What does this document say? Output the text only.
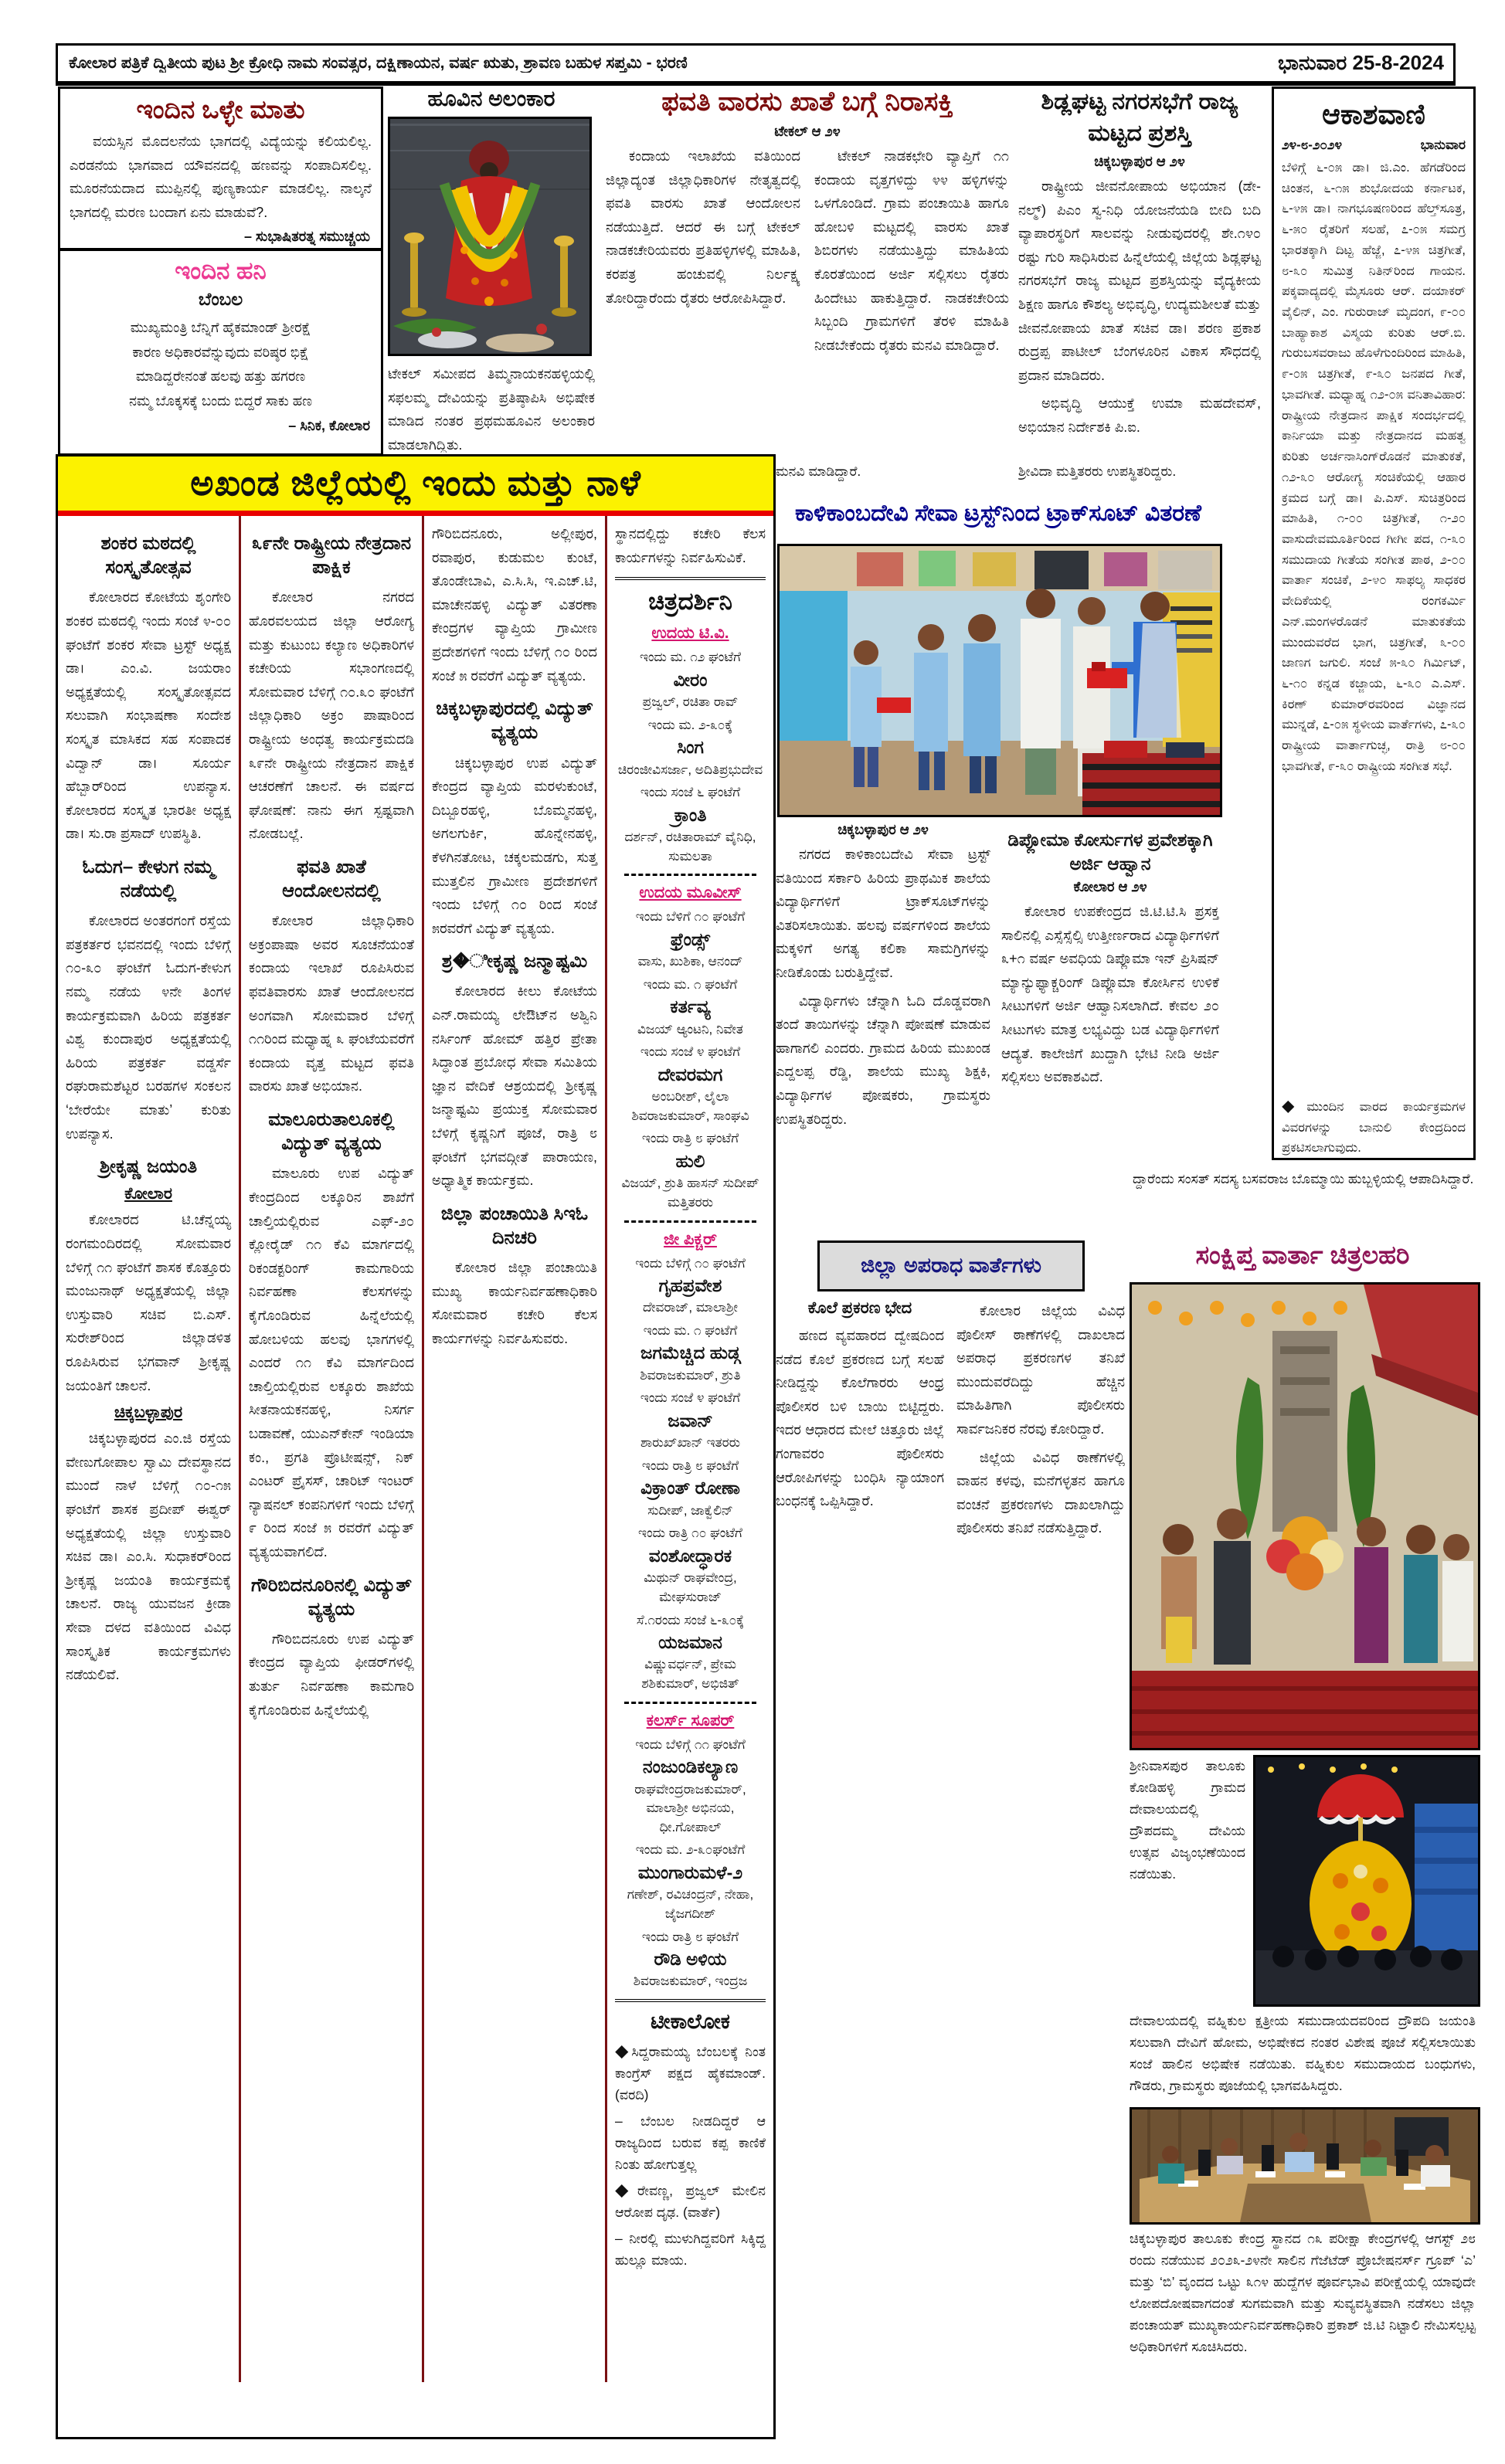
ಕೋಲಾರ ಪತ್ರಿಕೆ ದ್ವಿತೀಯ ಪುಟ ಶ್ರೀ ಕ್ರೋಧಿ ನಾಮ ಸಂವತ್ಸರ, ದಕ್ಷಿಣಾಯನ, ವರ್ಷ ಋತು, ಶ್ರಾವಣ ಬಹುಳ ಸಪ್ತಮಿ - ಭರಣಿ	ಭಾನುವಾರ 25-8-2024
ಇಂದಿನ ಒಳ್ಳೇ ಮಾತು

ವಯಸ್ಸಿನ ಮೊದಲನೆಯ ಭಾಗದಲ್ಲಿ ವಿದ್ಯೆಯನ್ನು ಕಲಿಯಲಿಲ್ಲ. ಎರಡನೆಯ ಭಾಗವಾದ ಯೌವನದಲ್ಲಿ ಹಣವನ್ನು ಸಂಪಾದಿಸಲಿಲ್ಲ. ಮೂರನೆಯದಾದ ಮುಪ್ಪಿನಲ್ಲಿ ಪುಣ್ಯಕಾರ್ಯ ಮಾಡಲಿಲ್ಲ. ನಾಲ್ಕನೆ ಭಾಗದಲ್ಲಿ ಮರಣ ಬಂದಾಗ ಏನು ಮಾಡುವೆ?.

– ಸುಭಾಷಿತರತ್ನ ಸಮುಚ್ಚಯ
ಇಂದಿನ ಹನಿ
ಬೆಂಬಲ
ಮುಖ್ಯಮಂತ್ರಿ ಬೆನ್ನಿಗೆ ಹೈಕಮಾಂಡ್ ಶ್ರೀರಕ್ಷೆ
ಕಾರಣ ಅಧಿಕಾರವೆನ್ನುವುದು ವರಿಷ್ಠರ ಭಿಕ್ಷೆ
ಮಾಡಿದ್ದರೇನಂತೆ ಹಲವು ಹತ್ತು ಹಗರಣ
ನಮ್ಮ ಬೊಕ್ಕಸಕ್ಕೆ ಬಂದು ಬಿದ್ದರೆ ಸಾಕು ಹಣ
– ಸಿನಿಕ, ಕೋಲಾರ
ಹೂವಿನ ಅಲಂಕಾರ

ಟೇಕಲ್ ಸಮೀಪದ ತಿಮ್ಮನಾಯಕನಹಳ್ಳಿಯಲ್ಲಿ ಸಫಲಮ್ಮ ದೇವಿಯನ್ನು ಪ್ರತಿಷ್ಠಾಪಿಸಿ ಅಭಿಷೇಕ ಮಾಡಿದ ನಂತರ ಪ್ರಥಮಹೂವಿನ ಅಲಂಕಾರ ಮಾಡಲಾಗಿದ್ದಿತು.

ಫವತಿ ವಾರಸು ಖಾತೆ ಬಗ್ಗೆ ನಿರಾಸಕ್ತಿ
ಟೇಕಲ್ ಆ ೨೪

ಕಂದಾಯ ಇಲಾಖೆಯ ವತಿಯಿಂದ ಜಿಲ್ಲಾದ್ಯಂತ ಜಿಲ್ಲಾಧಿಕಾರಿಗಳ ನೇತೃತ್ವದಲ್ಲಿ ಫವತಿ ವಾರಸು ಖಾತೆ ಆಂದೋಲನ ನಡೆಯುತ್ತಿದೆ. ಆದರೆ ಈ ಬಗ್ಗೆ ಟೇಕಲ್ ನಾಡಕಚೇರಿಯವರು ಪ್ರತಿಹಳ್ಳಿಗಳಲ್ಲಿ ಮಾಹಿತಿ, ಕರಪತ್ರ ಹಂಚುವಲ್ಲಿ ನಿರ್ಲಕ್ಷ್ಯ ತೋರಿದ್ದಾರೆಂದು ರೈತರು ಆರೋಪಿಸಿದ್ದಾರೆ.

ಟೇಕಲ್ ನಾಡಕಛೇರಿ ವ್ಯಾಪ್ತಿಗೆ ೧೧ ಕಂದಾಯ ವೃತ್ತಗಳಿದ್ದು ೪೪ ಹಳ್ಳಿಗಳನ್ನು ಒಳಗೊಂಡಿದೆ. ಗ್ರಾಮ ಪಂಚಾಯಿತಿ ಹಾಗೂ ಹೋಬಳಿ ಮಟ್ಟದಲ್ಲಿ ವಾರಸು ಖಾತೆ ಶಿಬಿರಗಳು ನಡೆಯುತ್ತಿದ್ದು ಮಾಹಿತಿಯ ಕೊರತೆಯಿಂದ ಅರ್ಜಿ ಸಲ್ಲಿಸಲು ರೈತರು ಹಿಂದೇಟು ಹಾಕುತ್ತಿದ್ದಾರೆ. ನಾಡಕಚೇರಿಯ ಸಿಬ್ಬಂದಿ ಗ್ರಾಮಗಳಿಗೆ ತೆರಳಿ ಮಾಹಿತಿ ನೀಡಬೇಕೆಂದು ರೈತರು ಮನವಿ ಮಾಡಿದ್ದಾರೆ.

ಶಿಡ್ಲಘಟ್ಟ ನಗರಸಭೆಗೆ ರಾಜ್ಯ ಮಟ್ಟದ ಪ್ರಶಸ್ತಿ
ಚಿಕ್ಕಬಳ್ಳಾಪುರ ಆ ೨೪

ರಾಷ್ಟ್ರೀಯ ಜೀವನೋಪಾಯ ಅಭಿಯಾನ (ಡೇ-ನಲ್ಮ್) ಪಿಎಂ ಸ್ವ-ನಿಧಿ ಯೋಜನೆಯಡಿ ಬೀದಿ ಬದಿ ವ್ಯಾಪಾರಸ್ಥರಿಗೆ ಸಾಲವನ್ನು ನೀಡುವುದರಲ್ಲಿ ಶೇ.೧೪೦ ರಷ್ಟು ಗುರಿ ಸಾಧಿಸಿರುವ ಹಿನ್ನೆಲೆಯಲ್ಲಿ ಜಿಲ್ಲೆಯ ಶಿಡ್ಲಘಟ್ಟ ನಗರಸಭೆಗೆ ರಾಜ್ಯ ಮಟ್ಟದ ಪ್ರಶಸ್ತಿಯನ್ನು ವೈದ್ಯಕೀಯ ಶಿಕ್ಷಣ ಹಾಗೂ ಕೌಶಲ್ಯ ಅಭಿವೃದ್ಧಿ, ಉದ್ಯಮಶೀಲತೆ ಮತ್ತು ಜೀವನೋಪಾಯ ಖಾತೆ ಸಚಿವ ಡಾ। ಶರಣ ಪ್ರಕಾಶ ರುದ್ರಪ್ಪ ಪಾಟೀಲ್ ಬೆಂಗಳೂರಿನ ವಿಕಾಸ ಸೌಧದಲ್ಲಿ ಪ್ರದಾನ ಮಾಡಿದರು.

ಅಭಿವೃದ್ಧಿ ಆಯುಕ್ತೆ ಉಮಾ ಮಹದೇವಸ್, ಅಭಿಯಾನ ನಿರ್ದೇಶಕಿ ಪಿ.ಐ.

ಆಕಾಶವಾಣಿ
೨೪-೮-೨೦೨೪	ಭಾನುವಾರ
ಬೆಳಿಗ್ಗೆ ೬-೦೫ ಡಾ। ಜಿ.ಎಂ. ಹೆಗಡೆರಿಂದ ಚಿಂತನ, ೬-೧೫ ಶುಭೋದಯ ಕರ್ನಾಟಕ, ೬-೪೫ ಡಾ। ನಾಗಭೂಷಣರಿಂದ ಹೆಲ್ತ್‌ಸೂತ್ರ, ೬-೫೦ ರೈತರಿಗೆ ಸಲಹೆ, ೭-೦೫ ಸಮಗ್ರ ಭಾರತಕ್ಕಾಗಿ ದಿಟ್ಟ ಹೆಜ್ಜೆ, ೭-೪೫ ಚಿತ್ರಗೀತೆ, ೮-೩೦ ಸುಮಿತ್ರ ನಿತಿನ್‌ರಿಂದ ಗಾಯನ. ಪಕ್ಕವಾದ್ಯದಲ್ಲಿ ಮೈಸೂರು ಆರ್. ದಯಾಕರ್ ವೈಲಿನ್, ಎಂ. ಗುರುರಾಜ್ ಮೃದಂಗ, ೯-೦೦ ಬಾಹ್ಯಾಕಾಶ ವಿಸ್ಮಯ ಕುರಿತು ಆರ್.ಬಿ. ಗುರುಬಸವರಾಜು ಹೊಳೆಗುಂದಿರಿಂದ ಮಾಹಿತಿ, ೯-೦೫ ಚಿತ್ರಗೀತೆ, ೯-೩೦ ಜನಪದ ಗೀತೆ, ಭಾವಗೀತೆ. ಮಧ್ಯಾಹ್ನ ೧೨-೦೫ ವನಿತಾವಿಹಾರ: ರಾಷ್ಟ್ರೀಯ ನೇತ್ರದಾನ ಪಾಕ್ಷಿಕ ಸಂದರ್ಭದಲ್ಲಿ ಕಾರ್ನಿಯಾ ಮತ್ತು ನೇತ್ರದಾನದ ಮಹತ್ವ ಕುರಿತು ಅರ್ಚನಾಸಿಂಗ್‌ರೊಡನೆ ಮಾತುಕತೆ, ೧೨-೩೦ ಆರೋಗ್ಯ ಸಂಚಿಕೆಯಲ್ಲಿ ಆಹಾರ ಕ್ರಮದ ಬಗ್ಗೆ ಡಾ। ಪಿ.ಎಸ್. ಸುಚಿತ್ರರಿಂದ ಮಾಹಿತಿ, ೧-೦೦ ಚಿತ್ರಗೀತೆ, ೧-೨೦ ವಾಸುದೇವಮೂರ್ತಿರಿಂದ ಗೀಗೀ ಪದ, ೧-೩೦ ಸಮುದಾಯ ಗೀತೆಯ ಸಂಗೀತ ಪಾಠ, ೨-೦೦ ವಾರ್ತಾ ಸಂಚಿಕೆ, ೨-೪೦ ಸಾಫಲ್ಯ ಸಾಧಕರ ವೇದಿಕೆಯಲ್ಲಿ ರಂಗಕರ್ಮಿ ಎನ್.ಮಂಗಳರೊಡನೆ ಮಾತುಕತೆಯ ಮುಂದುವರೆದ ಭಾಗ, ಚಿತ್ರಗೀತೆ, ೩-೦೦ ಜಾಣಗ ಜಗುಲಿ. ಸಂಜೆ ೫-೩೦ ಗಿರ್ಮಿಟ್, ೬-೧೦ ಕನ್ನಡ ಕಜ್ಜಾಯ, ೬-೩೦ ಎ.ಎಸ್. ಕಿರಣ್ ಕುಮಾರ್‌ರವರಿಂದ ವಿಜ್ಞಾನದ ಮುನ್ನಡೆ, ೭-೦೫ ಸ್ಥಳೀಯ ವಾರ್ತೆಗಳು, ೭-೩೦ ರಾಷ್ಟ್ರೀಯ ವಾರ್ತಾಗುಚ್ಛ, ರಾತ್ರಿ ೮-೦೦ ಭಾವಗೀತೆ, ೯-೩೦ ರಾಷ್ಟ್ರೀಯ ಸಂಗೀತ ಸಭೆ.
◆ಮುಂದಿನ ವಾರದ ಕಾರ್ಯಕ್ರಮಗಳ ವಿವರಗಳನ್ನು ಬಾನುಲಿ ಕೇಂದ್ರದಿಂದ ಪ್ರಕಟಿಸಲಾಗುವುದು.
ಅಖಂಡ ಜಿಲ್ಲೆಯಲ್ಲಿ ಇಂದು ಮತ್ತು ನಾಳೆ
ಶಂಕರ ಮಠದಲ್ಲಿ ಸಂಸ್ಕೃತೋತ್ಸವ

ಕೋಲಾರದ ಕೋಟೆಯ ಶೃಂಗೇರಿ ಶಂಕರ ಮಠದಲ್ಲಿ ಇಂದು ಸಂಜೆ ೪-೦೦ ಘಂಟೆಗೆ ಶಂಕರ ಸೇವಾ ಟ್ರಸ್ಟ್ ಅಧ್ಯಕ್ಷ ಡಾ। ಎಂ.ವಿ. ಜಯರಾಂ ಅಧ್ಯಕ್ಷತೆಯಲ್ಲಿ ಸಂಸ್ಕೃತೋತ್ಸವದ ಸಲುವಾಗಿ ಸಂಭಾಷಣಾ ಸಂದೇಶ ಸಂಸ್ಕೃತ ಮಾಸಿಕದ ಸಹ ಸಂಪಾದಕ ವಿದ್ವಾನ್ ಡಾ। ಸೂರ್ಯ ಹೆಬ್ಬಾರ್‌ರಿಂದ ಉಪನ್ಯಾಸ. ಕೋಲಾರದ ಸಂಸ್ಕೃತ ಭಾರತೀ ಅಧ್ಯಕ್ಷ ಡಾ। ಸು.ರಾ ಪ್ರಸಾದ್ ಉಪಸ್ಥಿತಿ.

ಓದುಗ– ಕೇಳುಗ ನಮ್ಮ ನಡೆಯಲ್ಲಿ

ಕೋಲಾರದ ಅಂತರಗಂಗೆ ರಸ್ತೆಯ ಪತ್ರಕರ್ತರ ಭವನದಲ್ಲಿ ಇಂದು ಬೆಳಿಗ್ಗೆ ೧೦-೩೦ ಘಂಟೆಗೆ ಓದುಗ-ಕೇಳುಗ ನಮ್ಮ ನಡೆಯ ೪ನೇ ತಿಂಗಳ ಕಾರ್ಯಕ್ರಮವಾಗಿ ಹಿರಿಯ ಪತ್ರಕರ್ತ ವಿಶ್ವ ಕುಂದಾಪುರ ಅಧ್ಯಕ್ಷತೆಯಲ್ಲಿ ಹಿರಿಯ ಪತ್ರಕರ್ತ ವಡ್ಡರ್ಸೆ ರಘುರಾಮಶೆಟ್ಟರ ಬರಹಗಳ ಸಂಕಲನ ‘ಬೇರೆಯೇ ಮಾತು’ ಕುರಿತು ಉಪನ್ಯಾಸ.

ಶ್ರೀಕೃಷ್ಣ ಜಯಂತಿ
ಕೋಲಾರ

ಕೋಲಾರದ ಟಿ.ಚೆನ್ನಯ್ಯ ರಂಗಮಂದಿರದಲ್ಲಿ ಸೋಮವಾರ ಬೆಳಿಗ್ಗೆ ೧೧ ಘಂಟೆಗೆ ಶಾಸಕ ಕೊತ್ತೂರು ಮಂಜುನಾಥ್ ಅಧ್ಯಕ್ಷತೆಯಲ್ಲಿ ಜಿಲ್ಲಾ ಉಸ್ತುವಾರಿ ಸಚಿವ ಬಿ.ಎಸ್. ಸುರೇಶ್‌ರಿಂದ ಜಿಲ್ಲಾಡಳಿತ ರೂಪಿಸಿರುವ ಭಗವಾನ್ ಶ್ರೀಕೃಷ್ಣ ಜಯಂತಿಗೆ ಚಾಲನೆ.

ಚಿಕ್ಕಬಳ್ಳಾಪುರ

ಚಿಕ್ಕಬಳ್ಳಾಪುರದ ಎಂ.ಜಿ ರಸ್ತೆಯ ವೇಣುಗೋಪಾಲ ಸ್ವಾಮಿ ದೇವಸ್ಥಾನದ ಮುಂದೆ ನಾಳೆ ಬೆಳಿಗ್ಗೆ ೧೦-೧೫ ಘಂಟೆಗೆ ಶಾಸಕ ಪ್ರದೀಪ್ ಈಶ್ವರ್ ಅಧ್ಯಕ್ಷತೆಯಲ್ಲಿ ಜಿಲ್ಲಾ ಉಸ್ತುವಾರಿ ಸಚಿವ ಡಾ। ಎಂ.ಸಿ. ಸುಧಾಕರ್‌ರಿಂದ ಶ್ರೀಕೃಷ್ಣ ಜಯಂತಿ ಕಾರ್ಯಕ್ರಮಕ್ಕೆ ಚಾಲನೆ. ರಾಜ್ಯ ಯುವಜನ ಕ್ರೀಡಾ ಸೇವಾ ದಳದ ವತಿಯಿಂದ ವಿವಿಧ ಸಾಂಸ್ಕೃತಿಕ ಕಾರ್ಯಕ್ರಮಗಳು ನಡೆಯಲಿವೆ.

೩೯ನೇ ರಾಷ್ಟ್ರೀಯ ನೇತ್ರದಾನ ಪಾಕ್ಷಿಕ

ಕೋಲಾರ ನಗರದ ಹೊರವಲಯದ ಜಿಲ್ಲಾ ಆರೋಗ್ಯ ಮತ್ತು ಕುಟುಂಬ ಕಲ್ಯಾಣ ಅಧಿಕಾರಿಗಳ ಕಚೇರಿಯ ಸಭಾಂಗಣದಲ್ಲಿ ಸೋಮವಾರ ಬೆಳಿಗ್ಗೆ ೧೦.೩೦ ಘಂಟೆಗೆ ಜಿಲ್ಲಾಧಿಕಾರಿ ಅಕ್ರಂ ಪಾಷಾರಿಂದ ರಾಷ್ಟ್ರೀಯ ಅಂಧತ್ವ ಕಾರ್ಯಕ್ರಮದಡಿ ೩೯ನೇ ರಾಷ್ಟ್ರೀಯ ನೇತ್ರದಾನ ಪಾಕ್ಷಿಕ ಆಚರಣೆಗೆ ಚಾಲನೆ. ಈ ವರ್ಷದ ಘೋಷಣೆ: ನಾನು ಈಗ ಸ್ಪಷ್ಟವಾಗಿ ನೋಡಬಲ್ಲೆ.

ಫವತಿ ಖಾತೆ ಆಂದೋಲನದಲ್ಲಿ

ಕೋಲಾರ ಜಿಲ್ಲಾಧಿಕಾರಿ ಅಕ್ರಂಪಾಷಾ ಅವರ ಸೂಚನೆಯಂತೆ ಕಂದಾಯ ಇಲಾಖೆ ರೂಪಿಸಿರುವ ಫವತಿವಾರಸು ಖಾತೆ ಆಂದೋಲನದ ಅಂಗವಾಗಿ ಸೋಮವಾರ ಬೆಳಿಗ್ಗೆ ೧೧ರಿಂದ ಮಧ್ಯಾಹ್ನ ೩ ಘಂಟೆಯವರೆಗೆ ಕಂದಾಯ ವೃತ್ತ ಮಟ್ಟದ ಫವತಿ ವಾರಸು ಖಾತೆ ಅಭಿಯಾನ.

ಮಾಲೂರುತಾಲೂಕಲ್ಲಿ ವಿದ್ಯುತ್ ವ್ಯತ್ಯಯ

ಮಾಲೂರು ಉಪ ವಿದ್ಯುತ್ ಕೇಂದ್ರದಿಂದ ಲಕ್ಕೂರಿನ ಶಾಖೆಗೆ ಚಾಲ್ತಿಯಲ್ಲಿರುವ ಎಫ್-೨೦ ಕ್ಲೋರೈಡ್ ೧೧ ಕೆವಿ ಮಾರ್ಗದಲ್ಲಿ ರಿಕಂಡಕ್ಟರಿಂಗ್ ಕಾಮಗಾರಿಯ ನಿರ್ವಹಣಾ ಕೆಲಸಗಳನ್ನು ಕೈಗೊಂಡಿರುವ ಹಿನ್ನೆಲೆಯಲ್ಲಿ ಹೋಬಳಿಯ ಹಲವು ಭಾಗಗಳಲ್ಲಿ ಎಂದರೆ ೧೧ ಕೆವಿ ಮಾರ್ಗದಿಂದ ಚಾಲ್ತಿಯಲ್ಲಿರುವ ಲಕ್ಕೂರು ಶಾಖೆಯ ಸೀತನಾಯಕನಹಳ್ಳಿ, ನಿಸರ್ಗ ಬಡಾವಣೆ, ಯುಎನ್‌ಕೇನ್ ಇಂಡಿಯಾ ಕಂ., ಪ್ರಗತಿ ಪ್ರೊಟೀಷನ್ಸ್, ನಿಕ್ ಎಂಟರ್ ಪ್ರೈಸಸ್, ಚಾರಿಟ್ ಇಂಟರ್ ನ್ಯಾಷನಲ್ ಕಂಪನಿಗಳಿಗೆ ಇಂದು ಬೆಳಿಗ್ಗೆ ೯ ರಿಂದ ಸಂಜೆ ೫ ರವರೆಗೆ ವಿದ್ಯುತ್ ವ್ಯತ್ಯಯವಾಗಲಿದೆ.

ಗೌರಿಬಿದನೂರಿನಲ್ಲಿ ವಿದ್ಯುತ್ ವ್ಯತ್ಯಯ

ಗೌರಿಬಿದನೂರು ಉಪ ವಿದ್ಯುತ್ ಕೇಂದ್ರದ ವ್ಯಾಪ್ತಿಯ ಫೀಡರ್‌ಗಳಲ್ಲಿ ತುರ್ತು ನಿರ್ವಹಣಾ ಕಾಮಗಾರಿ ಕೈಗೊಂಡಿರುವ ಹಿನ್ನೆಲೆಯಲ್ಲಿ

ಗೌರಿಬಿದನೂರು, ಅಲ್ಲೀಪುರ, ರವಾಪುರ, ಕುಡುಮಲ ಕುಂಟೆ, ತೊಂಡೇಬಾವಿ, ಎ.ಸಿ.ಸಿ, ಇ.ಎಚ್.ಟಿ, ಮಾಚೇನಹಳ್ಳಿ ವಿದ್ಯುತ್ ವಿತರಣಾ ಕೇಂದ್ರಗಳ ವ್ಯಾಪ್ತಿಯ ಗ್ರಾಮೀಣ ಪ್ರದೇಶಗಳಿಗೆ ಇಂದು ಬೆಳಿಗ್ಗೆ ೧೦ ರಿಂದ ಸಂಜೆ ೫ ರವರೆಗೆ ವಿದ್ಯುತ್ ವ್ಯತ್ಯಯ.

ಚಿಕ್ಕಬಳ್ಳಾಪುರದಲ್ಲಿ ವಿದ್ಯುತ್ ವ್ಯತ್ಯಯ

ಚಿಕ್ಕಬಳ್ಳಾಪುರ ಉಪ ವಿದ್ಯುತ್ ಕೇಂದ್ರದ ವ್ಯಾಪ್ತಿಯ ಮರಳುಕುಂಟೆ, ದಿಬ್ಬೂರಹಳ್ಳಿ, ಬೊಮ್ಮನಹಳ್ಳಿ, ಅಗಲಗುರ್ಕಿ, ಹೊನ್ನೇನಹಳ್ಳಿ, ಕೆಳಗಿನತೋಟ, ಚಕ್ಕಲಮಡಗು, ಸುತ್ತ ಮುತ್ತಲಿನ ಗ್ರಾಮೀಣ ಪ್ರದೇಶಗಳಿಗೆ ಇಂದು ಬೆಳಿಗ್ಗೆ ೧೦ ರಿಂದ ಸಂಜೆ ೫ರವರೆಗೆ ವಿದ್ಯುತ್ ವ್ಯತ್ಯಯ.

ಶ್ರ�ೀಕೃಷ್ಣ ಜನ್ಮಾಷ್ಟಮಿ

ಕೋಲಾರದ ಕೀಲು ಕೋಟೆಯ ಎನ್.ರಾಮಯ್ಯ ಲೇಔಟ್‌ನ ಅಶ್ವಿನಿ ನರ್ಸಿಂಗ್ ಹೋಮ್ ಹತ್ತಿರ ಪ್ರೇತಾ ಸಿದ್ಧಾಂತ ಪ್ರಬೋಧ ಸೇವಾ ಸಮಿತಿಯ ಜ್ಞಾನ ವೇದಿಕೆ ಆಶ್ರಯದಲ್ಲಿ ಶ್ರೀಕೃಷ್ಣ ಜನ್ಮಾಷ್ಟಮಿ ಪ್ರಯುಕ್ತ ಸೋಮವಾರ ಬೆಳಿಗ್ಗೆ ಕೃಷ್ಣನಿಗೆ ಪೂಜೆ, ರಾತ್ರಿ ೮ ಘಂಟೆಗೆ ಭಗವದ್ಗೀತೆ ಪಾರಾಯಣ, ಅಧ್ಯಾತ್ಮಿಕ ಕಾರ್ಯಕ್ರಮ.

ಜಿಲ್ಲಾ ಪಂಚಾಯಿತಿ ಸಿಇಓ ದಿನಚರಿ

ಕೋಲಾರ ಜಿಲ್ಲಾ ಪಂಚಾಯಿತಿ ಮುಖ್ಯ ಕಾರ್ಯನಿರ್ವಹಣಾಧಿಕಾರಿ ಸೋಮವಾರ ಕಚೇರಿ ಕೆಲಸ ಕಾರ್ಯಗಳನ್ನು ನಿರ್ವಹಿಸುವರು.

ಸ್ಥಾನದಲ್ಲಿದ್ದು ಕಚೇರಿ ಕೆಲಸ ಕಾರ್ಯಗಳನ್ನು ನಿರ್ವಹಿಸುವಿಕೆ.

ಚಿತ್ರದರ್ಶಿನಿ
ಉದಯ ಟಿ.ವಿ.
ಇಂದು ಮ. ೧೨ ಘಂಟೆಗೆ
ವೀರಂ
ಪ್ರಜ್ವಲ್, ರಚಿತಾ ರಾವ್
ಇಂದು ಮ. ೨-೩೦ಕ್ಕೆ
ಸಿಂಗ
ಚಿರಂಜೀವಿಸರ್ಜಾ, ಅದಿತಿಪ್ರಭುದೇವ
ಇಂದು ಸಂಜೆ ೬ ಘಂಟೆಗೆ
ಕ್ರಾಂತಿ
ದರ್ಶನ್, ರಚಿತಾರಾಮ್ ವೈನಿಧಿ, ಸುಮಲತಾ
ಉದಯ ಮೂವೀಸ್
ಇಂದು ಬೆಳಿಗೆ ೧೦ ಘಂಟೆಗೆ
ಫ್ರೆಂಡ್ಸ್
ವಾಸು, ಖುಶಿಕಾ, ಆನಂದ್
ಇಂದು ಮ. ೧ ಘಂಟೆಗೆ
ಕರ್ತವ್ಯ
ವಿಜಯ್ ಆ್ಯಂಟನಿ, ನಿವೇತ
ಇಂದು ಸಂಜೆ ೪ ಘಂಟೆಗೆ
ದೇವರಮಗ
ಅಂಬರೀಶ್, ಲೈಲಾ ಶಿವರಾಜಕುಮಾರ್, ಸಾಂಘವಿ
ಇಂದು ರಾತ್ರಿ ೮ ಘಂಟೆಗೆ
ಹುಲಿ
ವಿಜಯ್, ಶ್ರುತಿ ಹಾಸನ್ ಸುದೀಪ್ ಮತ್ತಿತರರು
ಜೀ ಪಿಕ್ಚರ್
ಇಂದು ಬೆಳಿಗ್ಗೆ ೧೦ ಘಂಟೆಗೆ
ಗೃಹಪ್ರವೇಶ
ದೇವರಾಜ್, ಮಾಲಾಶ್ರೀ
ಇಂದು ಮ. ೧ ಘಂಟೆಗೆ
ಜಗಮೆಚ್ಚಿದ ಹುಡ್ಗ
ಶಿವರಾಜಕುಮಾರ್, ಶ್ರುತಿ
ಇಂದು ಸಂಜೆ ೪ ಘಂಟೆಗೆ
ಜವಾನ್
ಶಾರುಖ್‌ಖಾನ್ ಇತರರು
ಇಂದು ರಾತ್ರಿ ೮ ಘಂಟೆಗೆ
ವಿಕ್ರಾಂತ್ ರೋಣಾ
ಸುದೀಪ್, ಜಾಕ್ವೆಲಿನ್
ಇಂದು ರಾತ್ರಿ ೧೦ ಘಂಟೆಗೆ
ವಂಶೋದ್ಧಾರಕ
ಮಿಥುನ್ ರಾಘವೇಂದ್ರ, ಮೇಘಸುರಾಜ್
ಸೆ.೧ರಂದು ಸಂಜೆ ೬-೩೦ಕ್ಕೆ
ಯಜಮಾನ
ವಿಷ್ಣುವರ್ಧನ್, ಪ್ರೇಮ ಶಶಿಕುಮಾರ್, ಅಭಿಜಿತ್
ಕಲರ್ಸ್ ಸೂಪರ್
ಇಂದು ಬೆಳಿಗ್ಗೆ ೧೧ ಘಂಟೆಗೆ
ನಂಜುಂಡಿಕಲ್ಯಾಣ
ರಾಘವೇಂದ್ರರಾಜಕುಮಾರ್, ಮಾಲಾಶ್ರೀ ಅಭಿನಯ, ಧೀ.ಗೋಪಾಲ್
ಇಂದು ಮ. ೨-೩೦ಘಂಟೆಗೆ
ಮುಂಗಾರುಮಳೆ-೨
ಗಣೇಶ್, ರವಿಚಂದ್ರನ್, ನೇಹಾ, ಜೈಜಗದೀಶ್
ಇಂದು ರಾತ್ರಿ ೮ ಘಂಟೆಗೆ
ರೌಡಿ ಅಳಿಯ
ಶಿವರಾಜಕುಮಾರ್, ಇಂದ್ರಜ
ಟೀಕಾಲೋಕ
◆ಸಿದ್ದರಾಮಯ್ಯ ಬೆಂಬಲಕ್ಕೆ ನಿಂತ ಕಾಂಗ್ರೆಸ್ ಪಕ್ಷದ ಹೈಕಮಾಂಡ್. (ವರದಿ)
– ಬೆಂಬಲ ನೀಡದಿದ್ದರೆ ಆ ರಾಜ್ಯದಿಂದ ಬರುವ ಕಪ್ಪ ಕಾಣಿಕೆ ನಿಂತು ಹೋಗುತ್ತಲ್ಲ
◆ರೇವಣ್ಣ, ಪ್ರಜ್ವಲ್ ಮೇಲಿನ ಆರೋಪ ದೃಢ. (ವಾರ್ತೆ)
– ನೀರಲ್ಲಿ ಮುಳುಗಿದ್ದವರಿಗೆ ಸಿಕ್ಕಿದ್ದ ಹುಲ್ಲೂ ಮಾಯ.
ಮನವಿ ಮಾಡಿದ್ದಾರೆ.	ಶ್ರೀವಿದಾ ಮತ್ತಿತರರು ಉಪಸ್ಥಿತರಿದ್ದರು.
ಕಾಳಿಕಾಂಬದೇವಿ ಸೇವಾ ಟ್ರಸ್ಟ್‌ನಿಂದ ಟ್ರಾಕ್‌ಸೂಟ್ ವಿತರಣೆ
ಚಿಕ್ಕಬಳ್ಳಾಪುರ ಆ ೨೪

ನಗರದ ಕಾಳಿಕಾಂಬದೇವಿ ಸೇವಾ ಟ್ರಸ್ಟ್ ವತಿಯಿಂದ ಸರ್ಕಾರಿ ಹಿರಿಯ ಪ್ರಾಥಮಿಕ ಶಾಲೆಯ ವಿದ್ಯಾರ್ಥಿಗಳಿಗೆ ಟ್ರಾಕ್‌ಸೂಟ್‌ಗಳನ್ನು ವಿತರಿಸಲಾಯಿತು. ಹಲವು ವರ್ಷಗಳಿಂದ ಶಾಲೆಯ ಮಕ್ಕಳಿಗೆ ಅಗತ್ಯ ಕಲಿಕಾ ಸಾಮಗ್ರಿಗಳನ್ನು ನೀಡಿಕೊಂಡು ಬರುತ್ತಿದ್ದೇವೆ.

ವಿದ್ಯಾರ್ಥಿಗಳು ಚೆನ್ನಾಗಿ ಓದಿ ದೊಡ್ಡವರಾಗಿ ತಂದೆ ತಾಯಿಗಳನ್ನು ಚೆನ್ನಾಗಿ ಪೋಷಣೆ ಮಾಡುವ ಹಾಗಾಗಲಿ ಎಂದರು. ಗ್ರಾಮದ ಹಿರಿಯ ಮುಖಂಡ ಎದ್ದಲಪ್ಪ ರೆಡ್ಡಿ, ಶಾಲೆಯ ಮುಖ್ಯ ಶಿಕ್ಷಕಿ, ವಿದ್ಯಾರ್ಥಿಗಳ ಪೋಷಕರು, ಗ್ರಾಮಸ್ಥರು ಉಪಸ್ಥಿತರಿದ್ದರು.

ಡಿಪ್ಲೋಮಾ ಕೋರ್ಸುಗಳ ಪ್ರವೇಶಕ್ಕಾಗಿ ಅರ್ಜಿ ಆಹ್ವಾನ
ಕೋಲಾರ ಆ ೨೪

ಕೋಲಾರ ಉಪಕೇಂದ್ರದ ಜಿ.ಟಿ.ಟಿ.ಸಿ ಪ್ರಸಕ್ತ ಸಾಲಿನಲ್ಲಿ ಎಸ್ಸೆಸ್ಸೆಲ್ಸಿ ಉತ್ತೀರ್ಣರಾದ ವಿದ್ಯಾರ್ಥಿಗಳಿಗೆ ೩+೧ ವರ್ಷ ಅವಧಿಯ ಡಿಪ್ಲೊಮಾ ಇನ್ ಪ್ರಿಸಿಷನ್ ಮ್ಯಾನ್ಯುಫ್ಯಾಕ್ಚರಿಂಗ್ ಡಿಪ್ಲೊಮಾ ಕೋರ್ಸಿನ ಉಳಿಕೆ ಸೀಟುಗಳಿಗೆ ಅರ್ಜಿ ಆಹ್ವಾನಿಸಲಾಗಿದೆ. ಕೇವಲ ೨೦ ಸೀಟುಗಳು ಮಾತ್ರ ಲಭ್ಯವಿದ್ದು ಬಡ ವಿದ್ಯಾರ್ಥಿಗಳಿಗೆ ಆದ್ಯತೆ. ಕಾಲೇಜಿಗೆ ಖುದ್ದಾಗಿ ಭೇಟಿ ನೀಡಿ ಅರ್ಜಿ ಸಲ್ಲಿಸಲು ಅವಕಾಶವಿದೆ.

ಜಿಲ್ಲಾ ಅಪರಾಧ ವಾರ್ತೆಗಳು
ಕೊಲೆ ಪ್ರಕರಣ ಭೇದ

ಹಣದ ವ್ಯವಹಾರದ ದ್ವೇಷದಿಂದ ನಡೆದ ಕೊಲೆ ಪ್ರಕರಣದ ಬಗ್ಗೆ ಸಲಹೆ ನೀಡಿದ್ದನ್ನು ಕೊಲೆಗಾರರು ಆಂಧ್ರ ಪೊಲೀಸರ ಬಳಿ ಬಾಯಿ ಬಿಟ್ಟಿದ್ದರು. ಇದರ ಆಧಾರದ ಮೇಲೆ ಚಿತ್ತೂರು ಜಿಲ್ಲೆ ಗಂಗಾವರಂ ಪೊಲೀಸರು ಆರೋಪಿಗಳನ್ನು ಬಂಧಿಸಿ ನ್ಯಾಯಾಂಗ ಬಂಧನಕ್ಕೆ ಒಪ್ಪಿಸಿದ್ದಾರೆ.

ಕೋಲಾರ ಜಿಲ್ಲೆಯ ವಿವಿಧ ಪೊಲೀಸ್ ಠಾಣೆಗಳಲ್ಲಿ ದಾಖಲಾದ ಅಪರಾಧ ಪ್ರಕರಣಗಳ ತನಿಖೆ ಮುಂದುವರೆದಿದ್ದು ಹೆಚ್ಚಿನ ಮಾಹಿತಿಗಾಗಿ ಪೊಲೀಸರು ಸಾರ್ವಜನಿಕರ ನೆರವು ಕೋರಿದ್ದಾರೆ.

ಜಿಲ್ಲೆಯ ವಿವಿಧ ಠಾಣೆಗಳಲ್ಲಿ ವಾಹನ ಕಳವು, ಮನೆಗಳ್ಳತನ ಹಾಗೂ ವಂಚನೆ ಪ್ರಕರಣಗಳು ದಾಖಲಾಗಿದ್ದು ಪೊಲೀಸರು ತನಿಖೆ ನಡೆಸುತ್ತಿದ್ದಾರೆ.

ದ್ದಾರೆಂದು ಸಂಸತ್ ಸದಸ್ಯ ಬಸವರಾಜ ಬೊಮ್ಮಾಯಿ ಹುಬ್ಬಳ್ಳಿಯಲ್ಲಿ ಆಪಾದಿಸಿದ್ದಾರೆ.
ಸಂಕ್ಷಿಪ್ತ ವಾರ್ತಾ ಚಿತ್ರಲಹರಿ
ಶ್ರೀನಿವಾಸಪುರ ತಾಲೂಕು ಕೋಡಿಹಳ್ಳಿ ಗ್ರಾಮದ ದೇವಾಲಯದಲ್ಲಿ ದ್ರೌಪದಮ್ಮ ದೇವಿಯ ಉತ್ಸವ ವಿಜೃಂಭಣೆಯಿಂದ ನಡೆಯಿತು.
ದೇವಾಲಯದಲ್ಲಿ ವಹ್ನಿಕುಲ ಕ್ಷತ್ರೀಯ ಸಮುದಾಯದವರಿಂದ ದ್ರೌಪದಿ ಜಯಂತಿ ಸಲುವಾಗಿ ದೇವಿಗೆ ಹೋಮ, ಅಭಿಷೇಕದ ನಂತರ ವಿಶೇಷ ಪೂಜೆ ಸಲ್ಲಿಸಲಾಯಿತು ಸಂಜೆ ಹಾಲಿನ ಅಭಿಷೇಕ ನಡೆಯಿತು. ವಹ್ನಿಕುಲ ಸಮುದಾಯದ ಬಂಧುಗಳು, ಗೌಡರು, ಗ್ರಾಮಸ್ಥರು ಪೂಜೆಯಲ್ಲಿ ಭಾಗವಹಿಸಿದ್ದರು.
ಚಿಕ್ಕಬಳ್ಳಾಪುರ ತಾಲೂಕು ಕೇಂದ್ರ ಸ್ಥಾನದ ೧೩ ಪರೀಕ್ಷಾ ಕೇಂದ್ರಗಳಲ್ಲಿ ಆಗಸ್ಟ್ ೨೮ ರಂದು ನಡೆಯುವ ೨೦೨೩-೨೪ನೇ ಸಾಲಿನ ಗೆಜೆಟೆಡ್ ಪ್ರೊಬೇಷನರ್ಸ್ ಗ್ರೂಪ್ ‘ಎ’ ಮತ್ತು ‘ಬಿ’ ವೃಂದದ ಒಟ್ಟು ೩೧೪ ಹುದ್ದೆಗಳ ಪೂರ್ವಭಾವಿ ಪರೀಕ್ಷೆಯಲ್ಲಿ ಯಾವುದೇ ಲೋಪದೋಷವಾಗದಂತೆ ಸುಗಮವಾಗಿ ಮತ್ತು ಸುವ್ಯವಸ್ಥಿತವಾಗಿ ನಡೆಸಲು ಜಿಲ್ಲಾ ಪಂಚಾಯತ್ ಮುಖ್ಯಕಾರ್ಯನಿರ್ವಹಣಾಧಿಕಾರಿ ಪ್ರಕಾಶ್ ಜಿ.ಟಿ ನಿಟ್ಟಾಲಿ ನೇಮಿಸಲ್ಪಟ್ಟ ಅಧಿಕಾರಿಗಳಿಗೆ ಸೂಚಿಸಿದರು.
